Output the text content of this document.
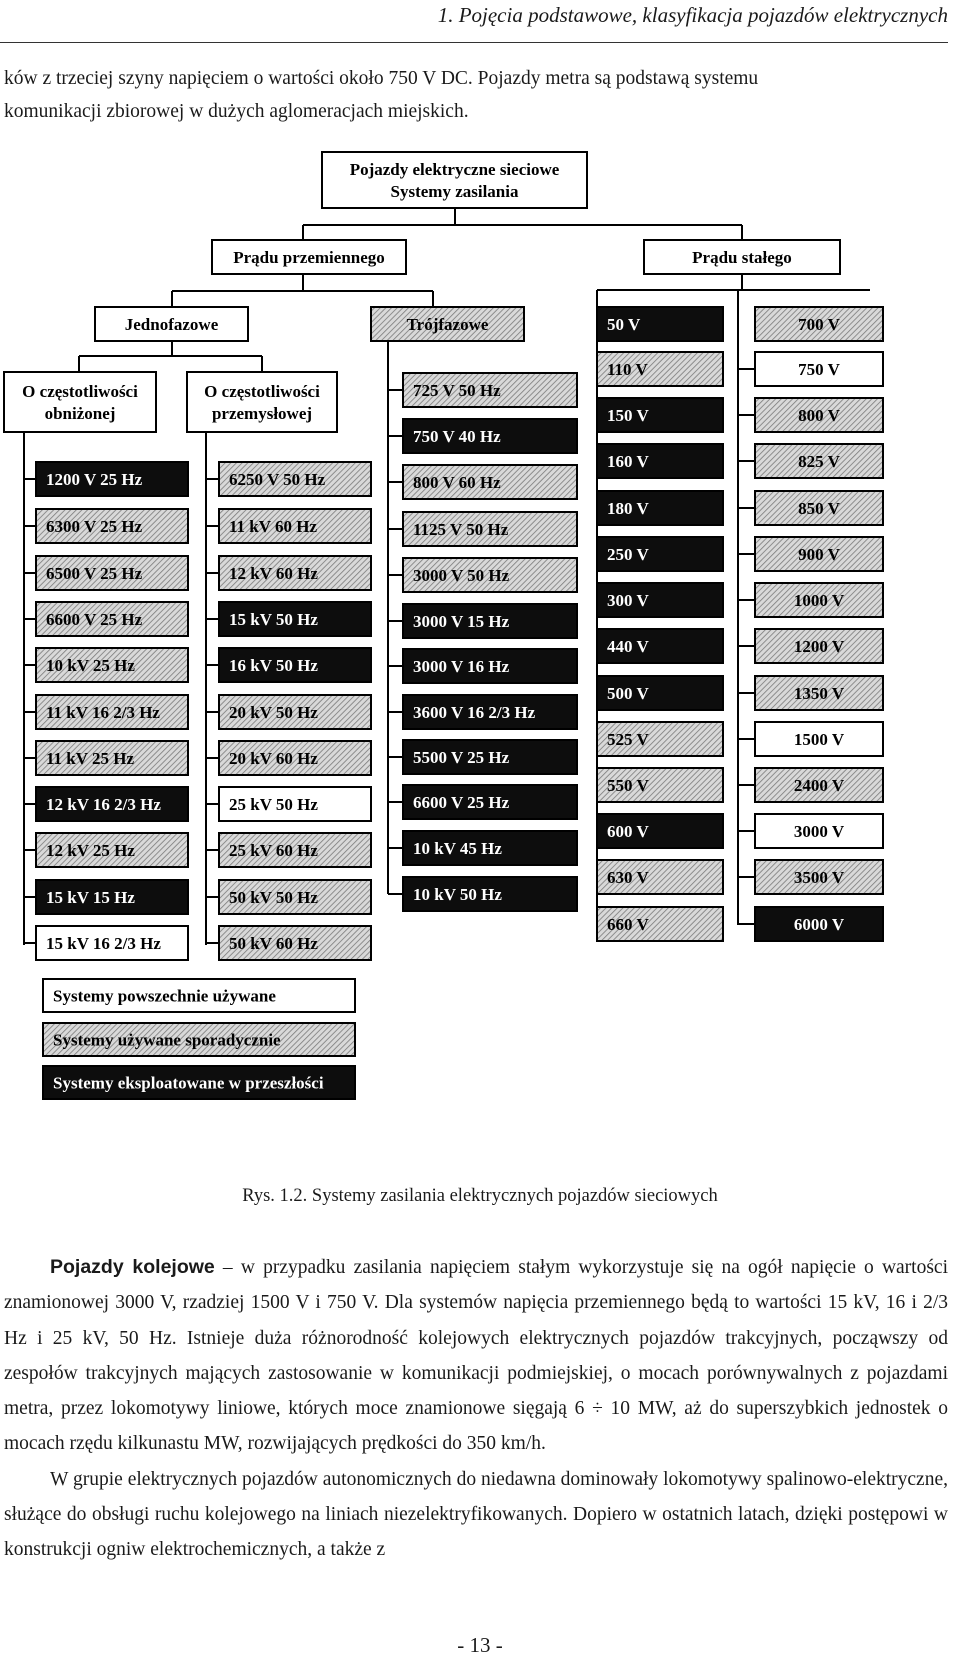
1. Pojęcia podstawowe, klasyfikacja pojazdów elektrycznych

ków z trzeciej szyny napięciem o wartości około 750 V DC. Pojazdy metra są podstawą systemu

komunikacji zbiorowej w dużych aglomeracjach miejskich.

Pojazdy elektryczne sieciowe
Systemy zasilania
Prądu przemiennego	Prądu stałego
Jednofazowe	Trójfazowe
O częstotliwości
obniżonej
O częstotliwości
przemysłowej
1200 V 25 Hz
6300 V 25 Hz
6500 V 25 Hz
6600 V 25 Hz
10 kV 25 Hz
11 kV 16 2/3 Hz
11 kV 25 Hz
12 kV 16 2/3 Hz
12 kV 25 Hz
15 kV 15 Hz
15 kV 16 2/3 Hz
6250 V 50 Hz
11 kV 60 Hz
12 kV 60 Hz
15 kV 50 Hz
16 kV 50 Hz
20 kV 50 Hz
20 kV 60 Hz
25 kV 50 Hz
25 kV 60 Hz
50 kV 50 Hz
50 kV 60 Hz
725 V 50 Hz
750 V 40 Hz
800 V 60 Hz
1125 V 50 Hz
3000 V 50 Hz
3000 V 15 Hz
3000 V 16 Hz
3600 V 16 2/3 Hz
5500 V 25 Hz
6600 V 25 Hz
10 kV 45 Hz
10 kV 50 Hz
50 V
110 V
150 V
160 V
180 V
250 V
300 V
440 V
500 V
525 V
550 V
600 V
630 V
660 V
700 V
750 V
800 V
825 V
850 V
900 V
1000 V
1200 V
1350 V
1500 V
2400 V
3000 V
3500 V
6000 V
Systemy powszechnie używane
Systemy używane sporadycznie
Systemy eksploatowane w przeszłości
Rys. 1.2. Systemy zasilania elektrycznych pojazdów sieciowych

Pojazdy kolejowe – w przypadku zasilania napięciem stałym wykorzystuje się na ogół napięcie o wartości znamionowej 3000 V, rzadziej 1500 V i 750 V. Dla systemów napięcia przemiennego będą to wartości 15 kV, 16 i 2/3 Hz i 25 kV, 50 Hz. Istnieje duża różnorodność kolejowych elektrycznych pojazdów trakcyjnych, począwszy od zespołów trakcyjnych mających zastosowanie w komunikacji podmiejskiej, o mocach porównywalnych z pojazdami metra, przez lokomotywy liniowe, których moce znamionowe sięgają 6 ÷ 10 MW, aż do superszybkich jednostek o mocach rzędu kilkunastu MW, rozwijających prędkości do 350 km/h.

W grupie elektrycznych pojazdów autonomicznych do niedawna dominowały lokomotywy spalinowo-elektryczne, służące do obsługi ruchu kolejowego na liniach niezelektryfikowanych. Dopiero w ostatnich latach, dzięki postępowi w konstrukcji ogniw elektrochemicznych, a także z

- 13 -
